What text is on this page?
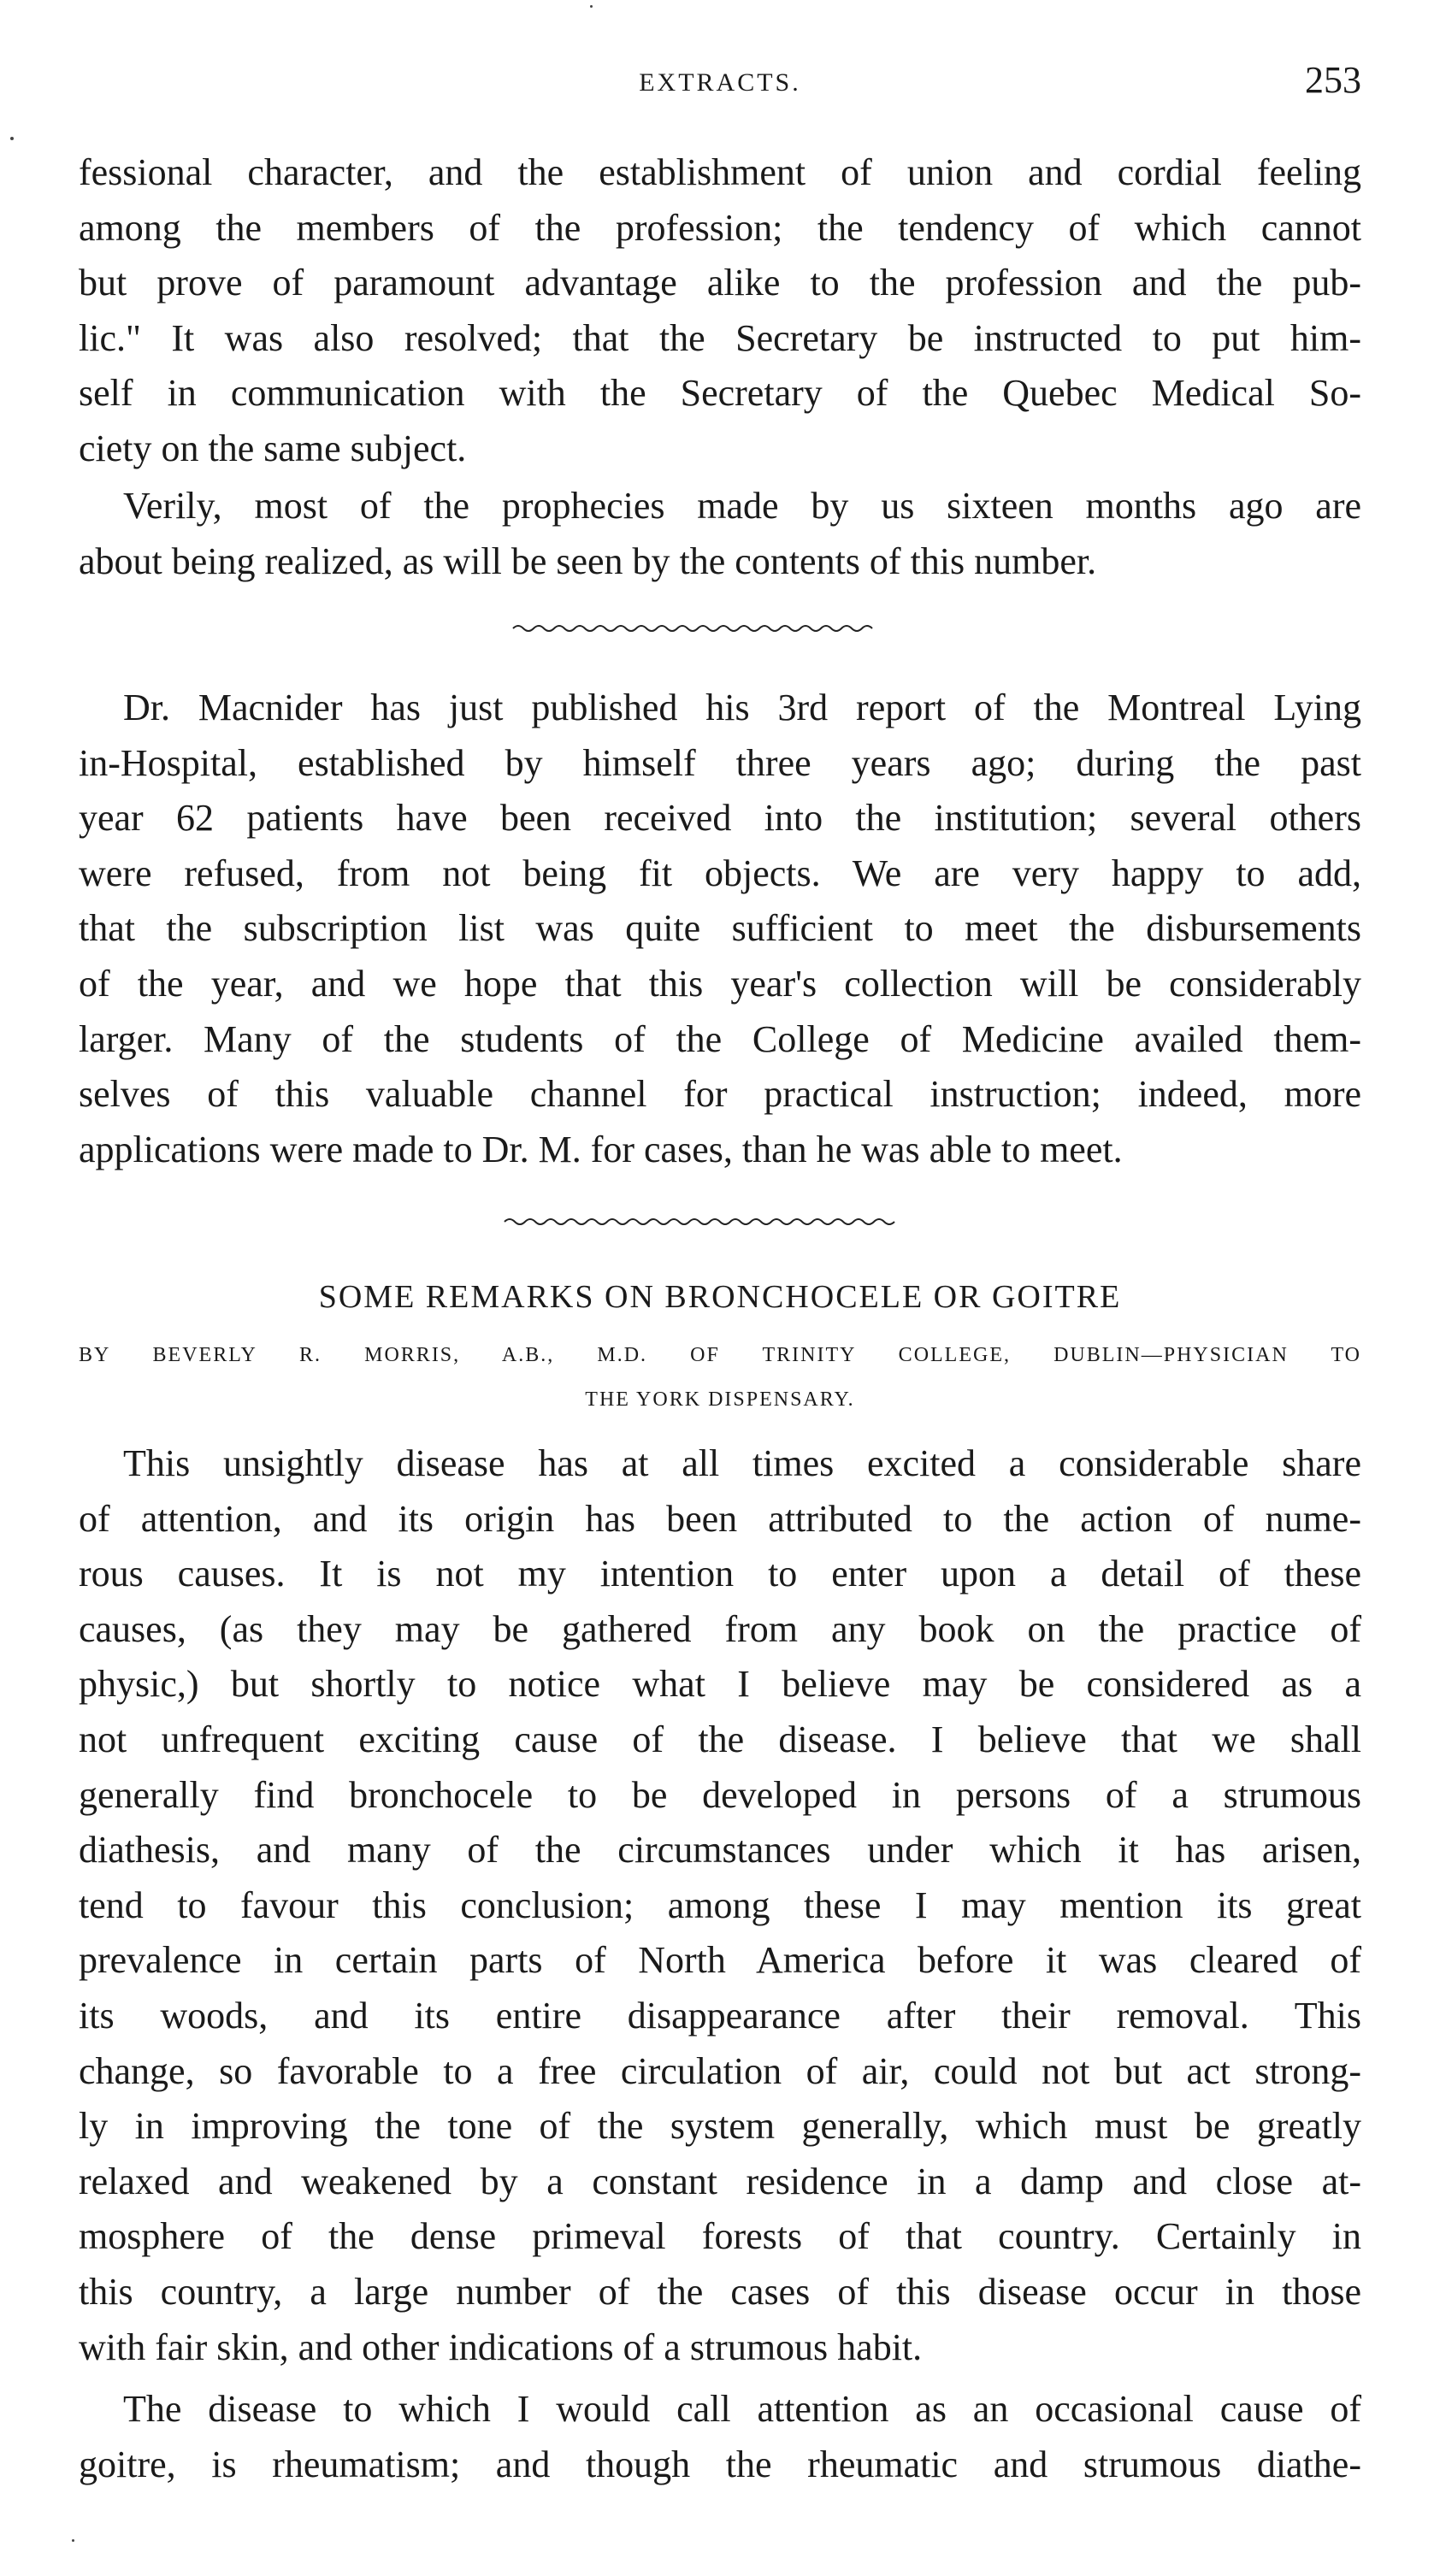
EXTRACTS.	253
fessional character, and the establishment of union and cordial feeling
among the members of the profession; the tendency of which cannot
but prove of paramount advantage alike to the profession and the pub-
lic." It was also resolved; that the Secretary be instructed to put him-
self in communication with the Secretary of the Quebec Medical So-
ciety on the same subject.
Verily, most of the prophecies made by us sixteen months ago are
about being realized, as will be seen by the contents of this number.
Dr. Macnider has just published his 3rd report of the Montreal Lying
in-Hospital, established by himself three years ago; during the past
year 62 patients have been received into the institution; several others
were refused, from not being fit objects. We are very happy to add,
that the subscription list was quite sufficient to meet the disbursements
of the year, and we hope that this year's collection will be considerably
larger. Many of the students of the College of Medicine availed them-
selves of this valuable channel for practical instruction; indeed, more
applications were made to Dr. M. for cases, than he was able to meet.
SOME REMARKS ON BRONCHOCELE OR GOITRE
BY BEVERLY R. MORRIS, A.B., M.D. OF TRINITY COLLEGE, DUBLIN—PHYSICIAN TO
THE YORK DISPENSARY.
This unsightly disease has at all times excited a considerable share
of attention, and its origin has been attributed to the action of nume-
rous causes. It is not my intention to enter upon a detail of these
causes, (as they may be gathered from any book on the practice of
physic,) but shortly to notice what I believe may be considered as a
not unfrequent exciting cause of the disease. I believe that we shall
generally find bronchocele to be developed in persons of a strumous
diathesis, and many of the circumstances under which it has arisen,
tend to favour this conclusion; among these I may mention its great
prevalence in certain parts of North America before it was cleared of
its woods, and its entire disappearance after their removal. This
change, so favorable to a free circulation of air, could not but act strong-
ly in improving the tone of the system generally, which must be greatly
relaxed and weakened by a constant residence in a damp and close at-
mosphere of the dense primeval forests of that country. Certainly in
this country, a large number of the cases of this disease occur in those
with fair skin, and other indications of a strumous habit.
The disease to which I would call attention as an occasional cause of
goitre, is rheumatism; and though the rheumatic and strumous diathe-
